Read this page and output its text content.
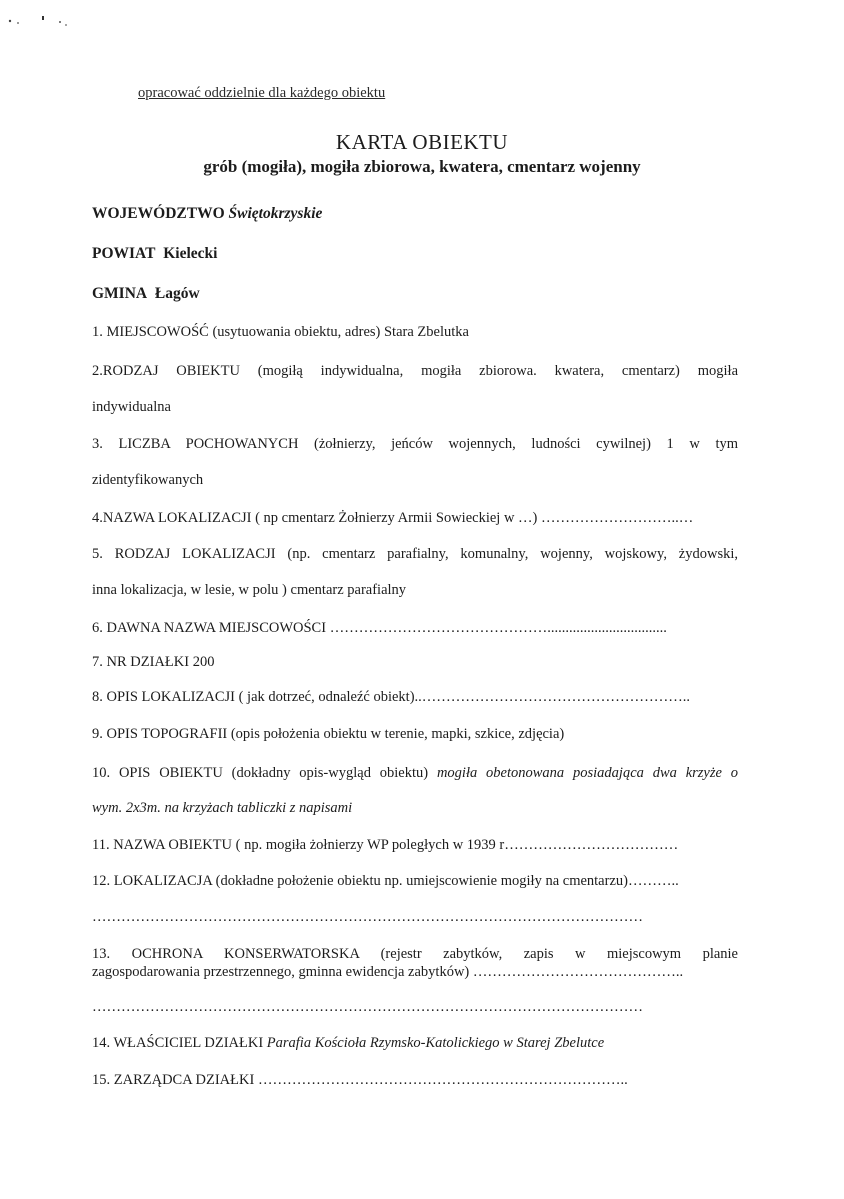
opracować oddzielnie dla każdego obiektu
KARTA OBIEKTU
grób (mogiła), mogiła zbiorowa, kwatera, cmentarz wojenny
WOJEWÓDZTWO Świętokrzyskie
POWIAT Kielecki
GMINA Łagów
1. MIEJSCOWOŚĆ (usytuowania obiektu, adres) Stara Zbelutka
2.RODZAJ OBIEKTU (mogiłą indywidualna, mogiła zbiorowa. kwatera, cmentarz) mogiła
indywidualna
3. LICZBA POCHOWANYCH (żołnierzy, jeńców wojennych, ludności cywilnej) 1 w tym
zidentyfikowanych
4.NAZWA LOKALIZACJI ( np cmentarz Żołnierzy Armii Sowieckiej w …) ………………………..…
5. RODZAJ LOKALIZACJI (np. cmentarz parafialny, komunalny, wojenny, wojskowy, żydowski,
inna lokalizacja, w lesie, w polu ) cmentarz parafialny
6. DAWNA NAZWA MIEJSCOWOŚCI ……………………………………….................................
7. NR DZIAŁKI 200
8. OPIS LOKALIZACJI ( jak dotrzeć, odnaleźć obiekt)..………………………………………………..
9. OPIS TOPOGRAFII (opis położenia obiektu w terenie, mapki, szkice, zdjęcia)
10. OPIS OBIEKTU (dokładny opis-wygląd obiektu) mogiła obetonowana posiadająca dwa krzyże o
wym. 2x3m. na krzyżach tabliczki z napisami
11. NAZWA OBIEKTU ( np. mogiła żołnierzy WP poległych w 1939 r………………………………
12. LOKALIZACJA (dokładne położenie obiektu np. umiejscowienie mogiły na cmentarzu)………..
……………………………………………………………………………………………………
13. OCHRONA KONSERWATORSKA (rejestr zabytków, zapis w miejscowym planie
zagospodarowania przestrzennego, gminna ewidencja zabytków) ……………………………………..
……………………………………………………………………………………………………
14. WŁAŚCICIEL DZIAŁKI Parafia Kościoła Rzymsko-Katolickiego w Starej Zbelutce
15. ZARZĄDCA DZIAŁKI …………………………………………………………………..
